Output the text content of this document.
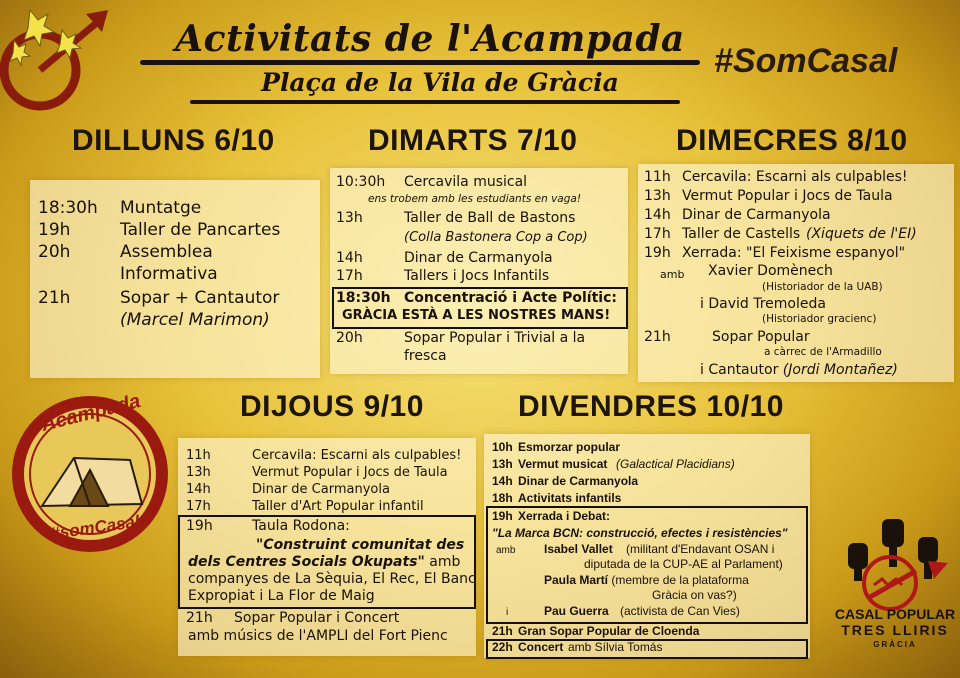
Activitats de l'Acampada
Plaça de la Vila de Gràcia
#SomCasal
DILLUNS 6/10	DIMARTS 7/10	DIMECRES 8/10
DIJOUS 9/10	DIVENDRES 10/10
18:30h Muntatge
19h	Taller de Pancartes
20h	Assemblea
Informativa
21h	Sopar + Cantautor
(Marcel Marimon)
10:30h Cercavila musical
ens trobem amb les estudiants en vaga!
13h	Taller de Ball de Bastons
(Colla Bastonera Cop a Cop)
14h	Dinar de Carmanyola
17h	Tallers i Jocs Infantils
18:30h Concentració i Acte Polític:
GRÀCIA ESTÀ A LES NOSTRES MANS!
20h	Sopar Popular i Trivial a la
fresca
11h Cercavila: Escarni als culpables!
13h Vermut Popular i Jocs de Taula
14h Dinar de Carmanyola
17h Taller de Castells (Xiquets de l'EI)
19h Xerrada: "El Feixisme espanyol"
amb Xavier Domènech
(Historiador de la UAB)
i David Tremoleda
(Historiador gracienc)
21h	Sopar Popular
a càrrec de l'Armadillo
i Cantautor (Jordi Montañez)
Acampada
#somCasal
11h	Cercavila: Escarni als culpables!
13h	Vermut Popular i Jocs de Taula
14h	Dinar de Carmanyola
17h	Taller d'Art Popular infantil
19h	Taula Rodona:
"Construint comunitat des
dels Centres Socials Okupats" amb
companyes de La Sèquia, El Rec, El Banc
Expropiat i La Flor de Maig
21h Sopar Popular i Concert
amb músics de l'AMPLI del Fort Pienc
10h Esmorzar popular
13h Vermut musicat (Galactical Placidians)
14h Dinar de Carmanyola
18h Activitats infantils
19h Xerrada i Debat:
"La Marca BCN: construcció, efectes i resistències"
amb Isabel Vallet (militant d'Endavant OSAN i
diputada de la CUP-AE al Parlament)
Paula Martí (membre de la plataforma
Gràcia on vas?)
i	Pau Guerra (activista de Can Vies)
21h Gran Sopar Popular de Cloenda
22h Concert amb Sílvia Tomás
CASAL POPULAR
TRES LLIRIS
GRÀCIA
